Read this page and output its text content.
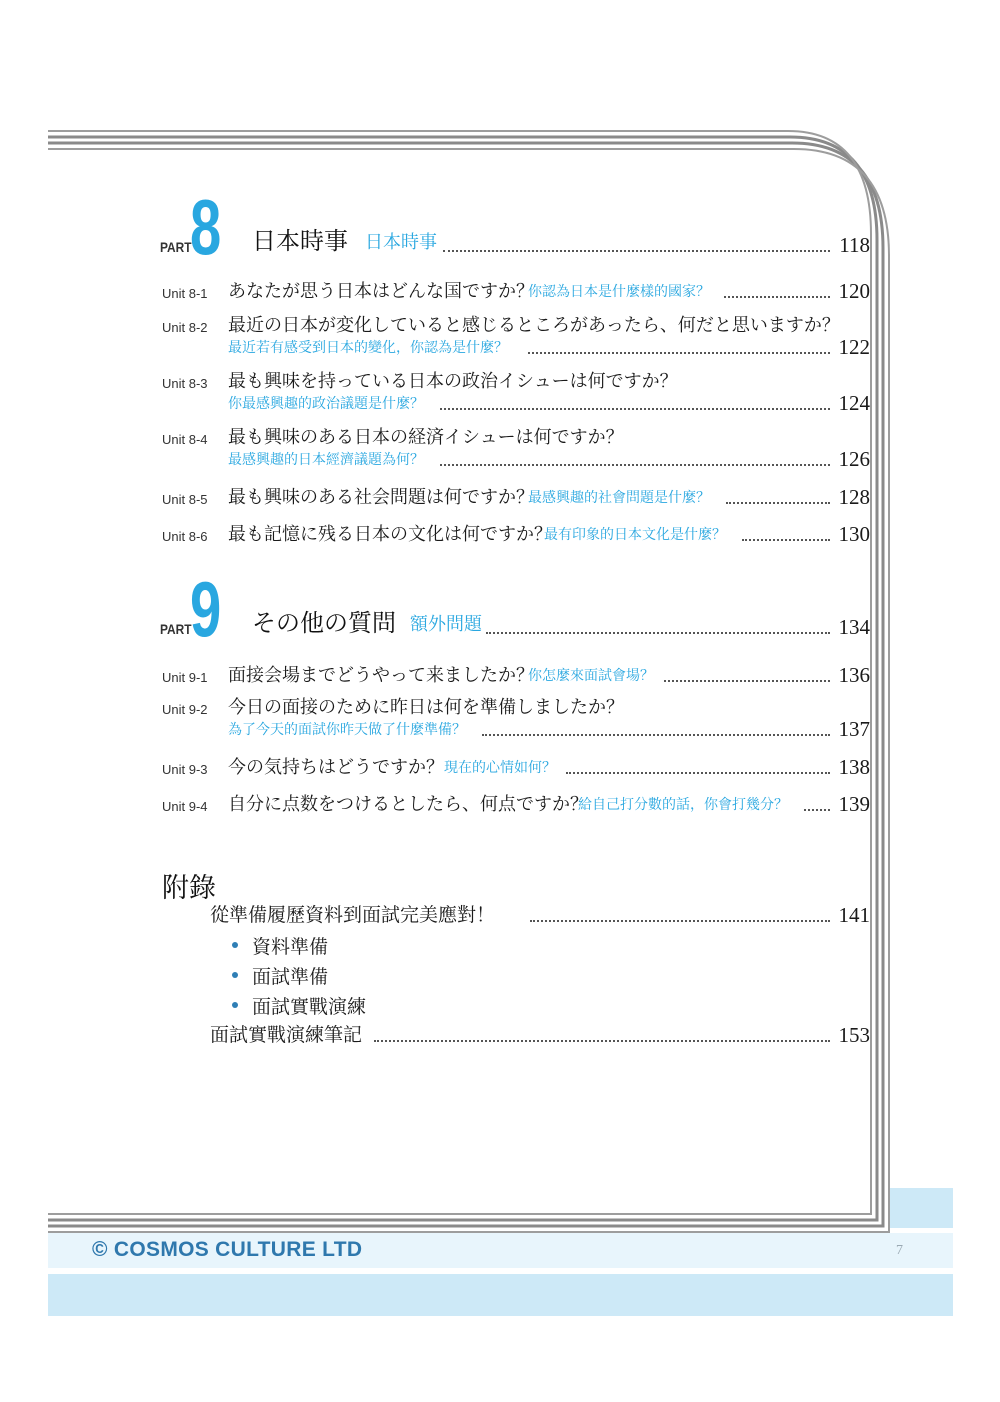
© COSMOS CULTURE LTD	7
PART
8 日本時事 日本時事	118
Unit 8-1 あなたが思う日本はどんな国ですか？
你認為日本是什麼樣的國家？	120
Unit 8-2 最近の日本が変化していると感じるところがあったら、何だと思いますか？
最近若有感受到日本的變化，你認為是什麼？	122
Unit 8-3 最も興味を持っている日本の政治イシューは何ですか？
你最感興趣的政治議題是什麼？	124
Unit 8-4 最も興味のある日本の経済イシューは何ですか？
最感興趣的日本經濟議題為何？	126
Unit 8-5 最も興味のある社会問題は何ですか？
最感興趣的社會問題是什麼？	128
Unit 8-6 最も記憶に残る日本の文化は何ですか？
最有印象的日本文化是什麼？	130
PART
9 その他の質問 額外問題	134
Unit 9-1 面接会場までどうやって来ましたか？
你怎麼來面試會場？	136
Unit 9-2 今日の面接のために昨日は何を準備しましたか？
為了今天的面試你昨天做了什麼準備？	137
Unit 9-3 今の気持ちはどうですか？ 現在的心情如何？	138
Unit 9-4 自分に点数をつけるとしたら、何点ですか？
給自己打分數的話，你會打幾分？ 139
附錄
從準備履歷資料到面試完美應對！	141
資料準備
面試準備
面試實戰演練
面試實戰演練筆記	153
